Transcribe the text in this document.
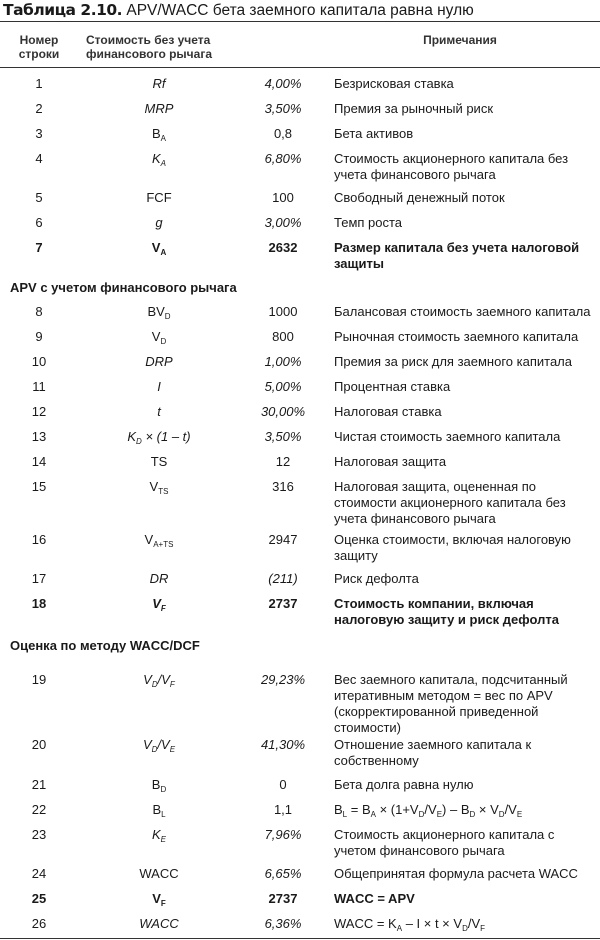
Таблица 2.10. APV/WACC бета заемного капитала равна нулю
Номер строки
Стоимость без учета финансового рычага
Примечания
APV с учетом финансового рычага
Оценка по методу WACC/DCF
1	Rf	4,00%	Безрисковая ставка
2	MRP	3,50%	Премия за рыночный риск
3	$B_A$	0,8	Бета активов
4	$K_A$	6,80%	Стоимость акционерного капитала без учета финансового рычага
5	FCF	100	Свободный денежный поток
6	g	3,00%	Темп роста
7	$V_A$	2632	Размер капитала без учета налоговой защиты
8	$BV_D$	1000	Балансовая стоимость заемного капитала
9	$V_D$	800	Рыночная стоимость заемного капитала
10	DRP	1,00%	Премия за риск для заемного капитала
11	I	5,00%	Процентная ставка
12	t	30,00%	Налоговая ставка
13	$K_D \times (1 - t)$	3,50%	Чистая стоимость заемного капитала
14	TS	12	Налоговая защита
15	$V_{TS}$	316	Налоговая защита, оцененная по стоимости акционерного капитала без учета финансового рычага
16	$V_{A+TS}$	2947	Оценка стоимости, включая налоговую защиту
17	DR	(211)	Риск дефолта
18	$V_F$	2737	Стоимость компании, включая налоговую защиту и риск дефолта
19	$V_D/V_F$	29,23%	Вес заемного капитала, подсчитанный итеративным методом = вес по APV (скорректированной приведенной стоимости)
20	$V_D/V_E$	41,30%	Отношение заемного капитала к собственному
21	$B_D$	0	Бета долга равна нулю
22	$B_L$	1,1	$B_L = B_A \times (1+V_D/V_E) - B_D \times V_D/V_E$
23	$K_E$	7,96%	Стоимость акционерного капитала с учетом финансового рычага
24	WACC	6,65%	Общепринятая формула расчета WACC
25	$V_F$	2737	WACC = APV
26	WACC	6,36%	WACC = $K_A - I \times t \times V_D/V_F$
